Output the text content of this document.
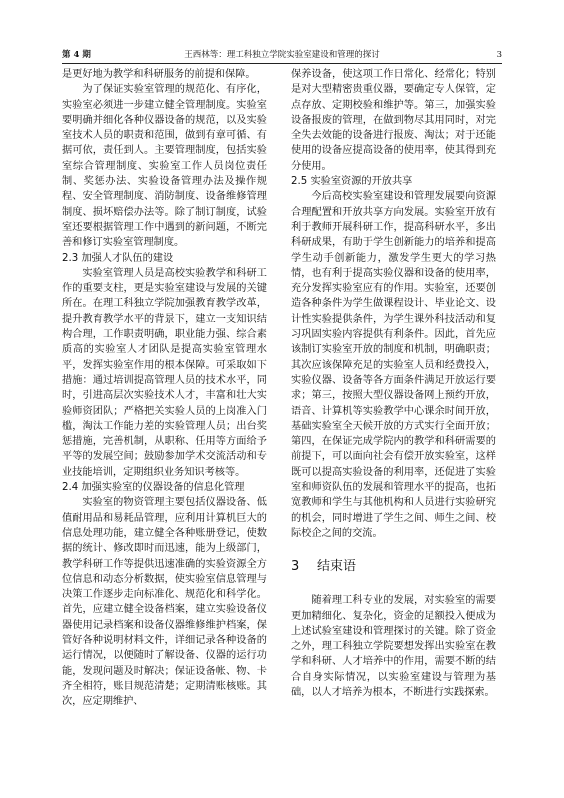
第 4 期	王西林等：理工科独立学院实验室建设和管理的探讨	3

是更好地为教学和科研服务的前提和保障。

为了保证实验室管理的规范化、有序化，实验室必须进一步建立健全管理制度。实验室要明确并细化各种仪器设备的规范，以及实验室技术人员的职责和范围，做到有章可循、有据可依，责任到人。主要管理制度，包括实验室综合管理制度、实验室工作人员岗位责任制、奖惩办法、实验设备管理办法及操作规程、安全管理制度、消防制度、设备维修管理制度、损坏赔偿办法等。除了制订制度，试验室还要根据管理工作中遇到的新问题，不断完善和修订实验室管理制度。

2.3 加强人才队伍的建设

实验室管理人员是高校实验教学和科研工作的重要支柱，更是实验室建设与发展的关键所在。在理工科独立学院加强教育教学改革，提升教育教学水平的背景下，建立一支知识结构合理，工作职责明确，职业能力强、综合素质高的实验室人才团队是提高实验室管理水平，发挥实验室作用的根本保障。可采取如下措施：通过培训提高管理人员的技术水平，同时，引进高层次实验技术人才，丰富和壮大实验师资团队；严格把关实验人员的上岗准入门槛，淘汰工作能力差的实验管理人员；出台奖惩措施，完善机制，从职称、任用等方面给予平等的发展空间；鼓励参加学术交流活动和专业技能培训，定期组织业务知识考核等。

2.4 加强实验室的仪器设备的信息化管理

实验室的物资管理主要包括仪器设备、低值耐用品和易耗品管理，应利用计算机巨大的信息处理功能，建立健全各种账册登记，使数据的统计、修改即时而迅速，能为上级部门，教学科研工作等提供迅速准确的实验资源全方位信息和动态分析数据，使实验室信息管理与决策工作逐步走向标准化、规范化和科学化。首先，应建立健全设备档案，建立实验设备仪器使用记录档案和设备仪器维修维护档案，保管好各种说明材料文件，详细记录各种设备的运行情况，以便随时了解设备、仪器的运行功能，发现问题及时解决；保证设备帐、物、卡齐全相符，账目规范清楚；定期清账核账。其次，应定期维护、

保养设备，使这项工作日常化、经常化；特别是对大型精密贵重仪器，要确定专人保管，定点存放、定期校验和维护等。第三，加强实验设备报废的管理，在做到物尽其用同时，对完全失去效能的设备进行报废、淘汰；对于还能使用的设备应提高设备的使用率，使其得到充分使用。

2.5 实验室资源的开放共享

今后高校实验室建设和管理发展要向资源合理配置和开放共享方向发展。实验室开放有利于教师开展科研工作，提高科研水平，多出科研成果，有助于学生创新能力的培养和提高学生动手创新能力，激发学生更大的学习热情，也有利于提高实验仪器和设备的使用率，充分发挥实验室应有的作用。实验室，还要创造各种条件为学生做课程设计、毕业论文、设计性实验提供条件，为学生课外科技活动和复习巩固实验内容提供有利条件。因此，首先应该制订实验室开放的制度和机制，明确职责；其次应该保障充足的实验室人员和经费投入，实验仪器、设备等各方面条件满足开放运行要求；第三，按照大型仪器设备网上预约开放，语音、计算机等实验教学中心课余时间开放，基础实验室全天候开放的方式实行全面开放；第四，在保证完成学院内的教学和科研需要的前提下，可以面向社会有偿开放实验室，这样既可以提高实验设备的利用率，还促进了实验室和师资队伍的发展和管理水平的提高，也拓宽教师和学生与其他机构和人员进行实验研究的机会，同时增进了学生之间、师生之间、校际校企之间的交流。

3 结束语

随着理工科专业的发展，对实验室的需要更加精细化、复杂化，资金的足额投入便成为上述试验室建设和管理探讨的关键。除了资金之外，理工科独立学院要想发挥出实验室在教学和科研、人才培养中的作用，需要不断的结合自身实际情况，以实验室建设与管理为基础，以人才培养为根本，不断进行实践探索。
